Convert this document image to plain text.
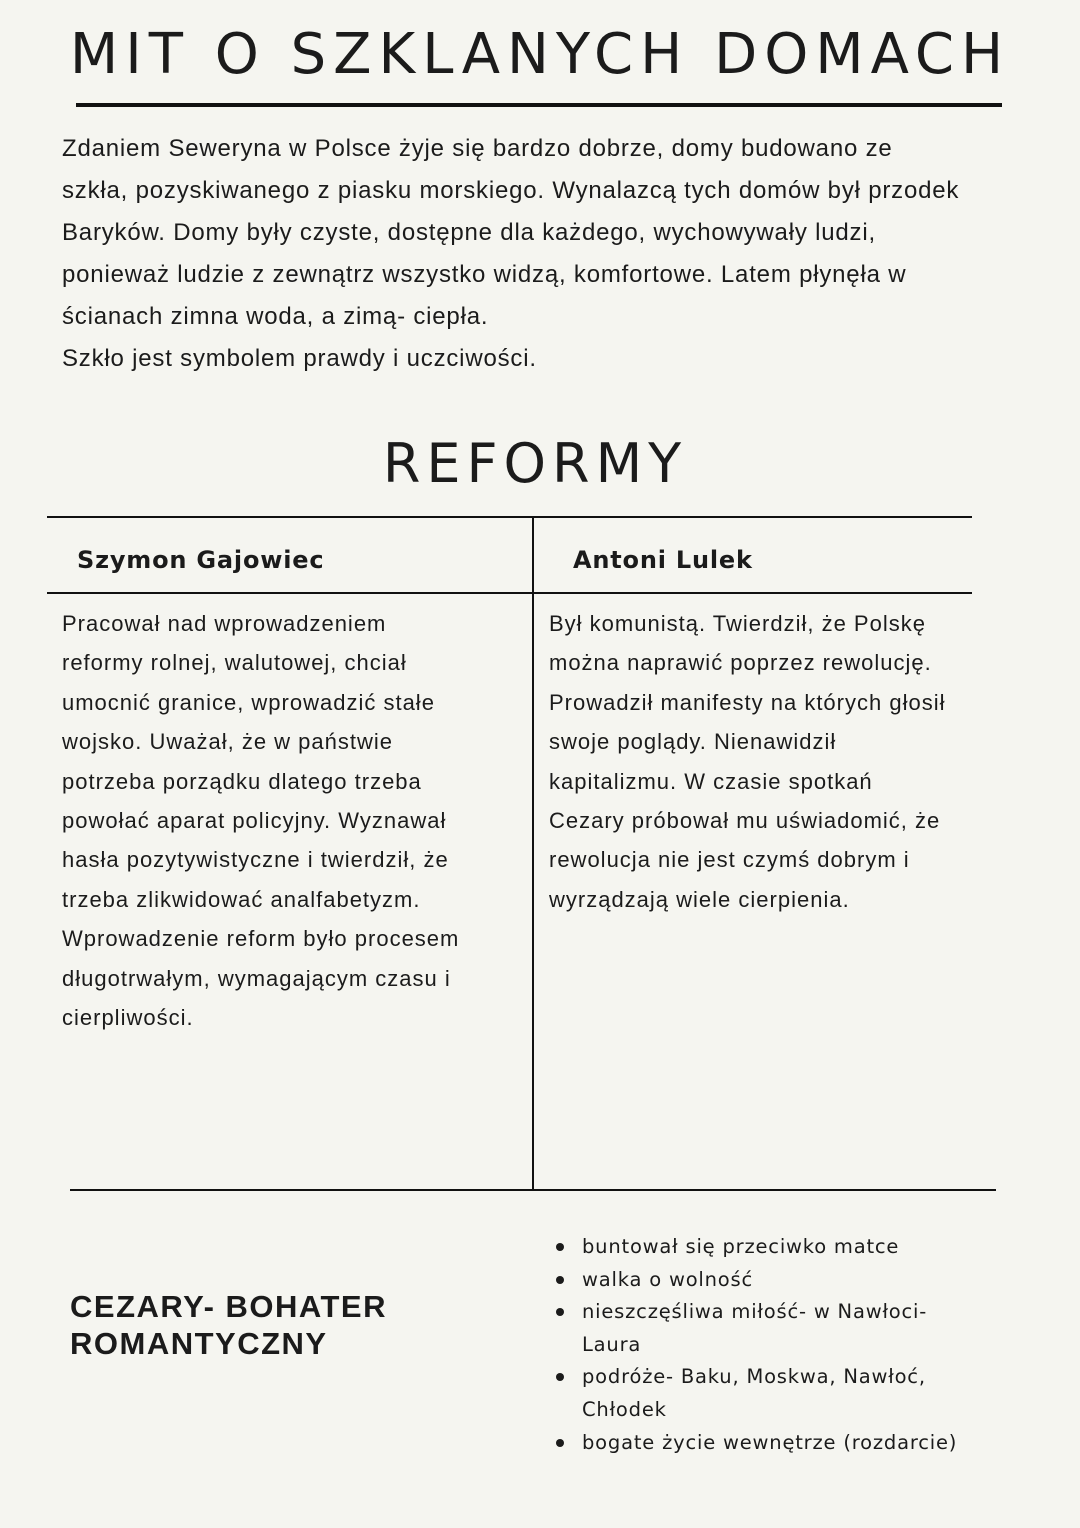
MIT O SZKLANYCH DOMACH

Zdaniem Seweryna w Polsce żyje się bardzo dobrze, domy budowano ze
szkła, pozyskiwanego z piasku morskiego. Wynalazcą tych domów był przodek
Baryków. Domy były czyste, dostępne dla każdego, wychowywały ludzi,
ponieważ ludzie z zewnątrz wszystko widzą, komfortowe. Latem płynęła w
ścianach zimna woda, a zimą- ciepła.
Szkło jest symbolem prawdy i uczciwości.

REFORMY
Szymon Gajowiec	Antoni Lulek

Pracował nad wprowadzeniem
reformy rolnej, walutowej, chciał
umocnić granice, wprowadzić stałe
wojsko. Uważał, że w państwie
potrzeba porządku dlatego trzeba
powołać aparat policyjny. Wyznawał
hasła pozytywistyczne i twierdził, że
trzeba zlikwidować analfabetyzm.
Wprowadzenie reform było procesem
długotrwałym, wymagającym czasu i
cierpliwości.

Był komunistą. Twierdził, że Polskę
można naprawić poprzez rewolucję.
Prowadził manifesty na których głosił
swoje poglądy. Nienawidził
kapitalizmu. W czasie spotkań
Cezary próbował mu uświadomić, że
rewolucja nie jest czymś dobrym i
wyrządzają wiele cierpienia.

CEZARY- BOHATER
ROMANTYCZNY
buntował się przeciwko matce
walka o wolność
nieszczęśliwa miłość- w Nawłoci-
Laura
podróże- Baku, Moskwa, Nawłoć,
Chłodek
bogate życie wewnętrze (rozdarcie)
